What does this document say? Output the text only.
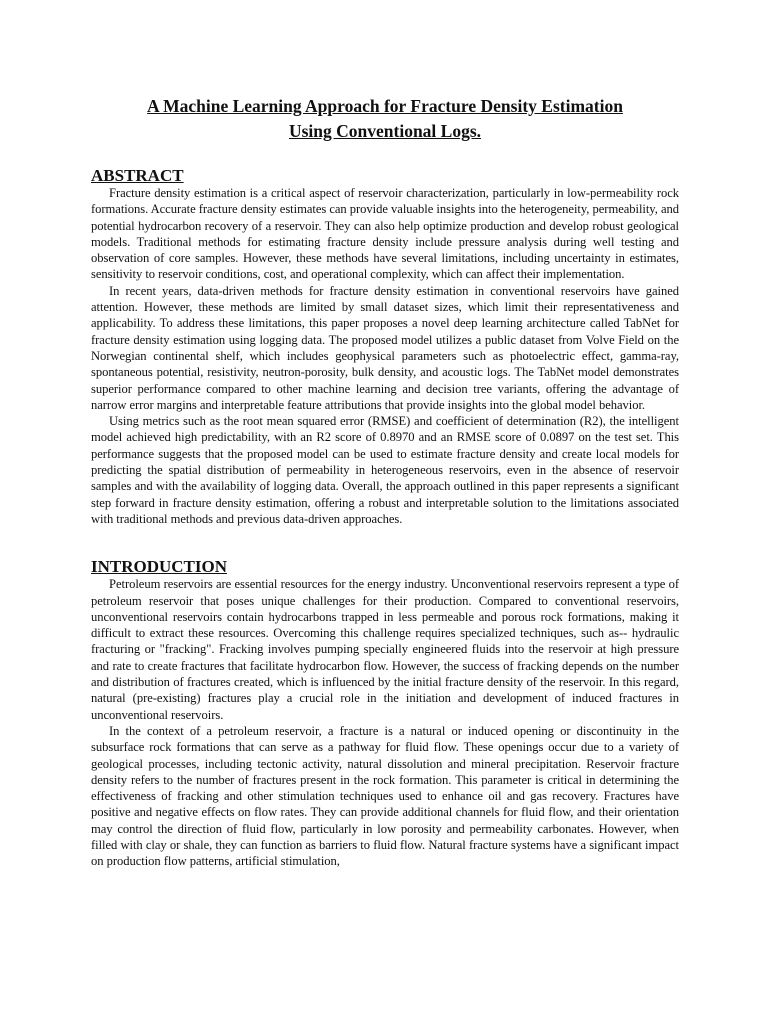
A Machine Learning Approach for Fracture Density Estimation
Using Conventional Logs.
ABSTRACT

Fracture density estimation is a critical aspect of reservoir characterization, particularly in low-permeability rock formations. Accurate fracture density estimates can provide valuable insights into the heterogeneity, permeability, and potential hydrocarbon recovery of a reservoir. They can also help optimize production and develop robust geological models. Traditional methods for estimating fracture density include pressure analysis during well testing and observation of core samples. However, these methods have several limitations, including uncertainty in estimates, sensitivity to reservoir conditions, cost, and operational complexity, which can affect their implementation.

In recent years, data-driven methods for fracture density estimation in conventional reservoirs have gained attention. However, these methods are limited by small dataset sizes, which limit their representativeness and applicability. To address these limitations, this paper proposes a novel deep learning architecture called TabNet for fracture density estimation using logging data. The proposed model utilizes a public dataset from Volve Field on the Norwegian continental shelf, which includes geophysical parameters such as photoelectric effect, gamma-ray, spontaneous potential, resistivity, neutron-porosity, bulk density, and acoustic logs. The TabNet model demonstrates superior performance compared to other machine learning and decision tree variants, offering the advantage of narrow error margins and interpretable feature attributions that provide insights into the global model behavior.

Using metrics such as the root mean squared error (RMSE) and coefficient of determination (R2), the intelligent model achieved high predictability, with an R2 score of 0.8970 and an RMSE score of 0.0897 on the test set. This performance suggests that the proposed model can be used to estimate fracture density and create local models for predicting the spatial distribution of permeability in heterogeneous reservoirs, even in the absence of reservoir samples and with the availability of logging data. Overall, the approach outlined in this paper represents a significant step forward in fracture density estimation, offering a robust and interpretable solution to the limitations associated with traditional methods and previous data-driven approaches.

INTRODUCTION

Petroleum reservoirs are essential resources for the energy industry. Unconventional reservoirs represent a type of petroleum reservoir that poses unique challenges for their production. Compared to conventional reservoirs, unconventional reservoirs contain hydrocarbons trapped in less permeable and porous rock formations, making it difficult to extract these resources. Overcoming this challenge requires specialized techniques, such as-- hydraulic fracturing or "fracking". Fracking involves pumping specially engineered fluids into the reservoir at high pressure and rate to create fractures that facilitate hydrocarbon flow. However, the success of fracking depends on the number and distribution of fractures created, which is influenced by the initial fracture density of the reservoir. In this regard, natural (pre-existing) fractures play a crucial role in the initiation and development of induced fractures in unconventional reservoirs.

In the context of a petroleum reservoir, a fracture is a natural or induced opening or discontinuity in the subsurface rock formations that can serve as a pathway for fluid flow. These openings occur due to a variety of geological processes, including tectonic activity, natural dissolution and mineral precipitation. Reservoir fracture density refers to the number of fractures present in the rock formation. This parameter is critical in determining the effectiveness of fracking and other stimulation techniques used to enhance oil and gas recovery. Fractures have positive and negative effects on flow rates. They can provide additional channels for fluid flow, and their orientation may control the direction of fluid flow, particularly in low porosity and permeability carbonates. However, when filled with clay or shale, they can function as barriers to fluid flow. Natural fracture systems have a significant impact on production flow patterns, artificial stimulation,
